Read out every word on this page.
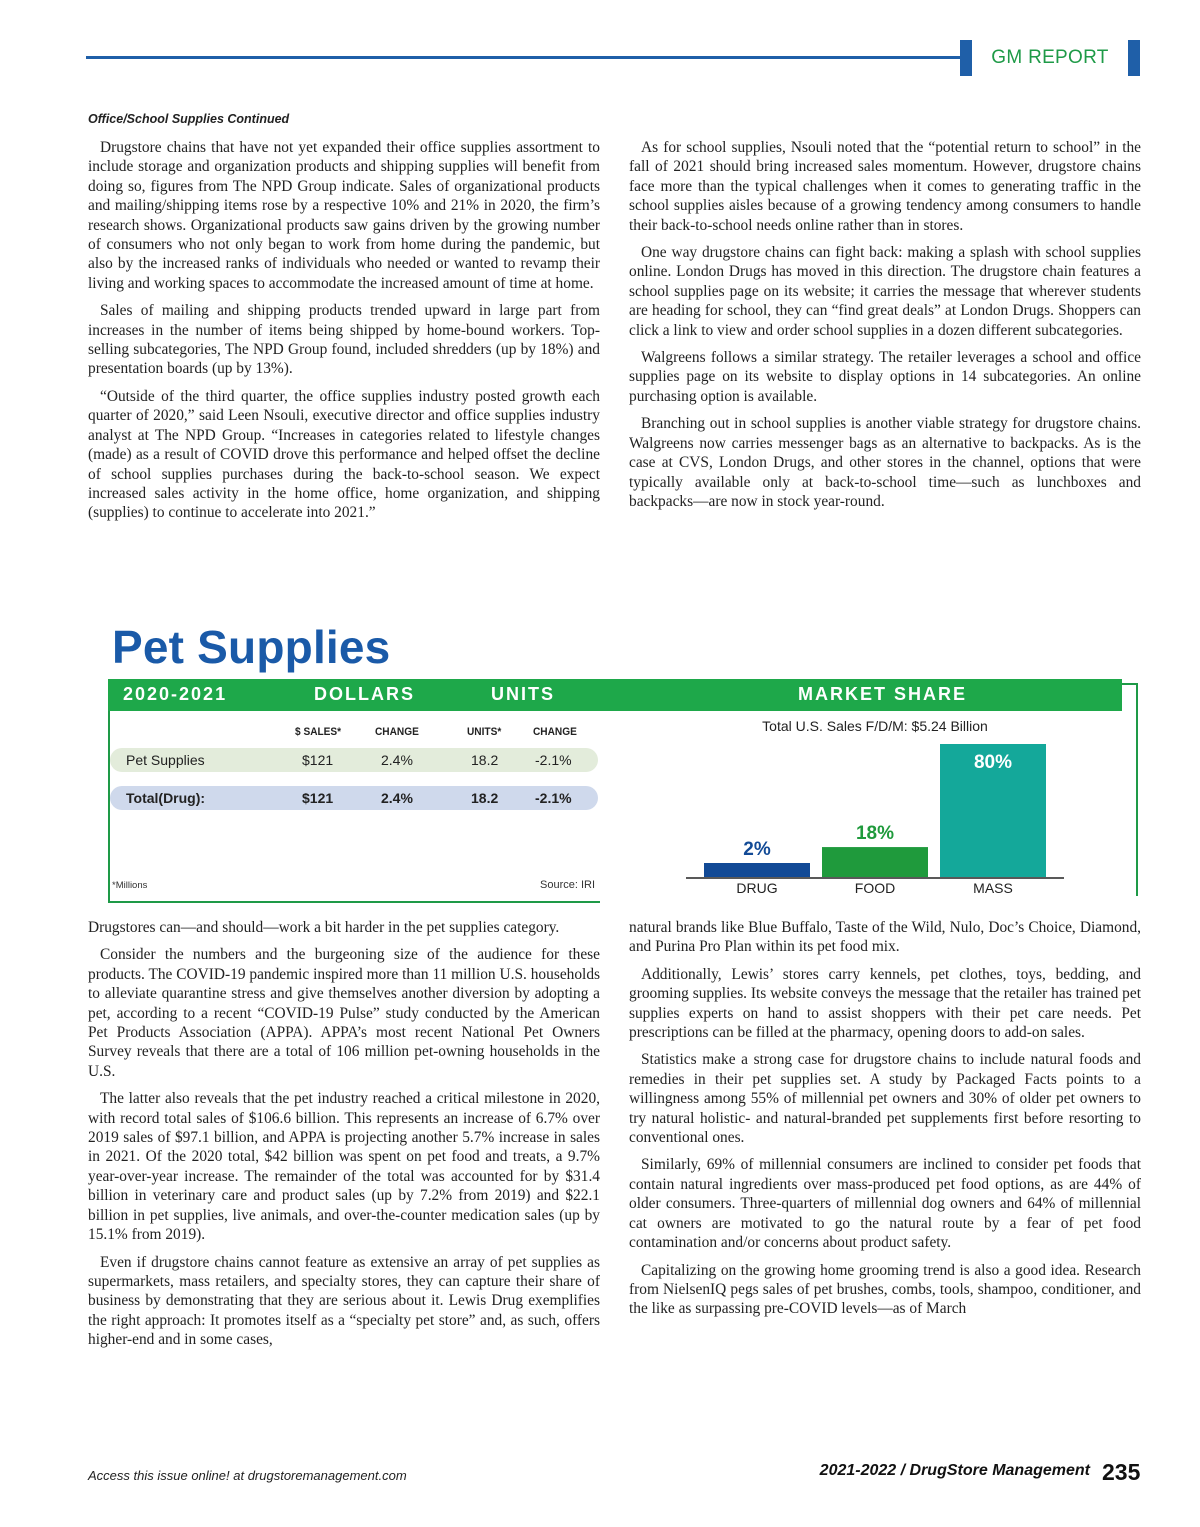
GM REPORT
Office/School Supplies Continued

Drugstore chains that have not yet expanded their office supplies assortment to include storage and organization products and shipping supplies will benefit from doing so, figures from The NPD Group indicate. Sales of organizational products and mailing/shipping items rose by a respective 10% and 21% in 2020, the firm’s research shows. Organizational products saw gains driven by the growing number of consumers who not only began to work from home during the pandemic, but also by the increased ranks of individuals who needed or wanted to revamp their living and working spaces to accommodate the increased amount of time at home.

Sales of mailing and shipping products trended upward in large part from increases in the number of items being shipped by home-bound workers. Top-selling subcategories, The NPD Group found, included shredders (up by 18%) and presentation boards (up by 13%).

“Outside of the third quarter, the office supplies industry posted growth each quarter of 2020,” said Leen Nsouli, executive director and office supplies industry analyst at The NPD Group. “Increases in categories related to lifestyle changes (made) as a result of COVID drove this performance and helped offset the decline of school supplies purchases during the back-to-school season. We expect increased sales activity in the home office, home organization, and shipping (supplies) to continue to accelerate into 2021.”

As for school supplies, Nsouli noted that the “potential return to school” in the fall of 2021 should bring increased sales momentum. However, drugstore chains face more than the typical challenges when it comes to generating traffic in the school supplies aisles because of a growing tendency among consumers to handle their back-to-school needs online rather than in stores.

One way drugstore chains can fight back: making a splash with school supplies online. London Drugs has moved in this direction. The drugstore chain features a school supplies page on its website; it carries the message that wherever students are heading for school, they can “find great deals” at London Drugs. Shoppers can click a link to view and order school supplies in a dozen different subcategories.

Walgreens follows a similar strategy. The retailer leverages a school and office supplies page on its website to display options in 14 subcategories. An online purchasing option is available.

Branching out in school supplies is another viable strategy for drugstore chains. Walgreens now carries messenger bags as an alternative to backpacks. As is the case at CVS, London Drugs, and other stores in the channel, options that were typically available only at back-to-school time—such as lunchboxes and backpacks—are now in stock year-round.

Pet Supplies
2020-2021	DOLLARS	UNITS	MARKET SHARE
$ SALES*	CHANGE	UNITS*	CHANGE
Pet Supplies	$121	2.4%	18.2	-2.1%
Total(Drug):	$121	2.4%	18.2	-2.1%
*Millions	Source: IRI
Total U.S. Sales F/D/M: $5.24 Billion
2%
DRUG
18%
FOOD
80%
MASS

Drugstores can—and should—work a bit harder in the pet supplies category.

Consider the numbers and the burgeoning size of the audience for these products. The COVID-19 pandemic inspired more than 11 million U.S. households to alleviate quarantine stress and give themselves another diversion by adopting a pet, according to a recent “COVID-19 Pulse” study conducted by the American Pet Products Association (APPA). APPA’s most recent National Pet Owners Survey reveals that there are a total of 106 million pet-owning households in the U.S.

The latter also reveals that the pet industry reached a critical milestone in 2020, with record total sales of $106.6 billion. This represents an increase of 6.7% over 2019 sales of $97.1 billion, and APPA is projecting another 5.7% increase in sales in 2021. Of the 2020 total, $42 billion was spent on pet food and treats, a 9.7% year-over-year increase. The remainder of the total was accounted for by $31.4 billion in veterinary care and product sales (up by 7.2% from 2019) and $22.1 billion in pet supplies, live animals, and over-the-counter medication sales (up by 15.1% from 2019).

Even if drugstore chains cannot feature as extensive an array of pet supplies as supermarkets, mass retailers, and specialty stores, they can capture their share of business by demonstrating that they are serious about it. Lewis Drug exemplifies the right approach: It promotes itself as a “specialty pet store” and, as such, offers higher-end and in some cases,

natural brands like Blue Buffalo, Taste of the Wild, Nulo, Doc’s Choice, Diamond, and Purina Pro Plan within its pet food mix.

Additionally, Lewis’ stores carry kennels, pet clothes, toys, bedding, and grooming supplies. Its website conveys the message that the retailer has trained pet supplies experts on hand to assist shoppers with their pet care needs. Pet prescriptions can be filled at the pharmacy, opening doors to add-on sales.

Statistics make a strong case for drugstore chains to include natural foods and remedies in their pet supplies set. A study by Packaged Facts points to a willingness among 55% of millennial pet owners and 30% of older pet owners to try natural holistic- and natural-branded pet supplements first before resorting to conventional ones.

Similarly, 69% of millennial consumers are inclined to consider pet foods that contain natural ingredients over mass-produced pet food options, as are 44% of older consumers. Three-quarters of millennial dog owners and 64% of millennial cat owners are motivated to go the natural route by a fear of pet food contamination and/or concerns about product safety.

Capitalizing on the growing home grooming trend is also a good idea. Research from NielsenIQ pegs sales of pet brushes, combs, tools, shampoo, conditioner, and the like as surpassing pre-COVID levels—as of March

Access this issue online! at drugstoremanagement.com	2021-2022 / DrugStore Management 235
